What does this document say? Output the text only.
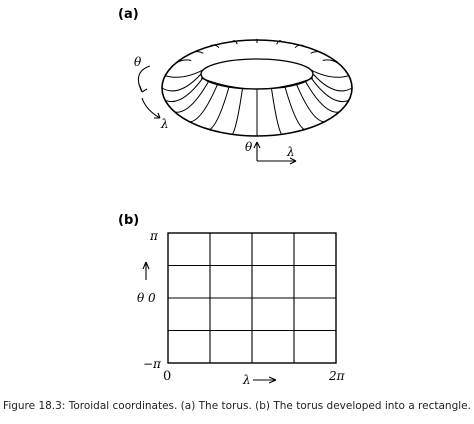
(a)
θ
λ
θ	λ
(b)
π
θ 0
−π
0	2π
λ
Figure 18.3: Toroidal coordinates. (a) The torus. (b) The torus developed into a rectangle.
